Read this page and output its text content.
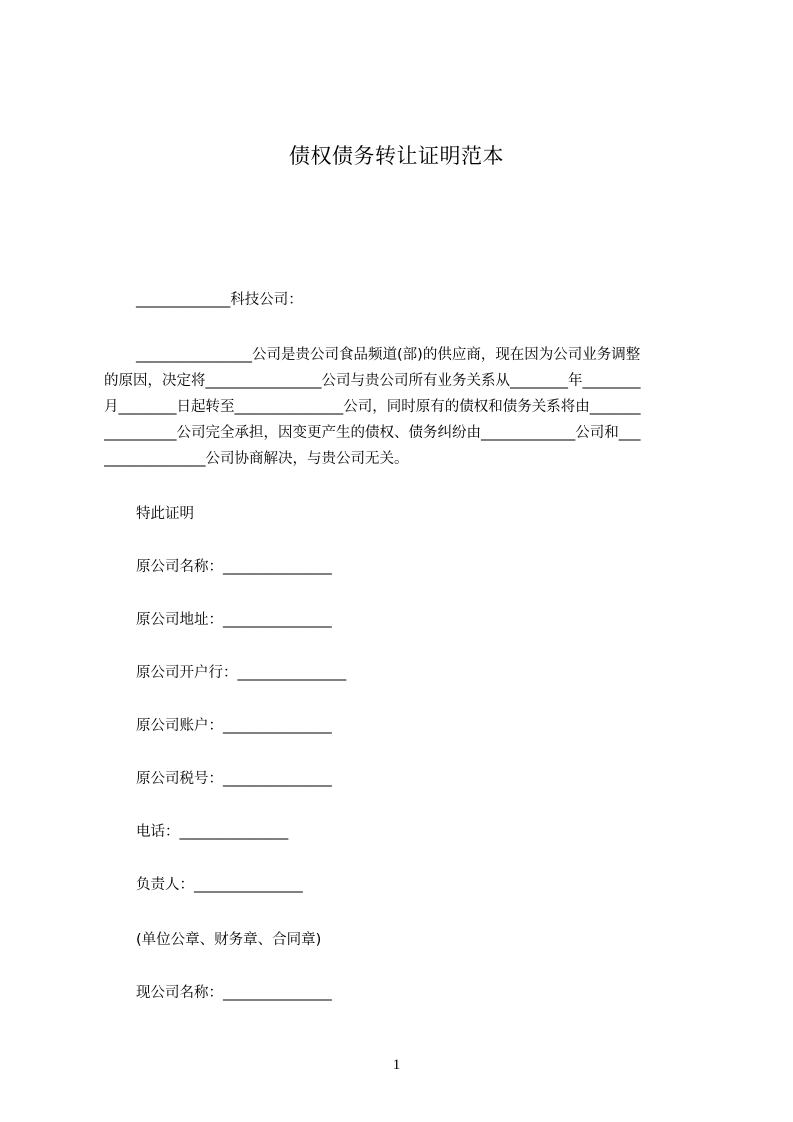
债权债务转让证明范本
_____________科技公司：
________________公司是贵公司食品频道(部)的供应商，现在因为公司业务调整
的原因，决定将________________公司与贵公司所有业务关系从________年________
月________日起转至_______________公司，同时原有的债权和债务关系将由_______
__________公司完全承担，因变更产生的债权、债务纠纷由_____________公司和___
______________公司协商解决，与贵公司无关。
特此证明
原公司名称：_______________
原公司地址：_______________
原公司开户行：_______________
原公司账户：_______________
原公司税号：_______________
电话：_______________
负责人：_______________
(单位公章、财务章、合同章)
现公司名称：_______________
1
